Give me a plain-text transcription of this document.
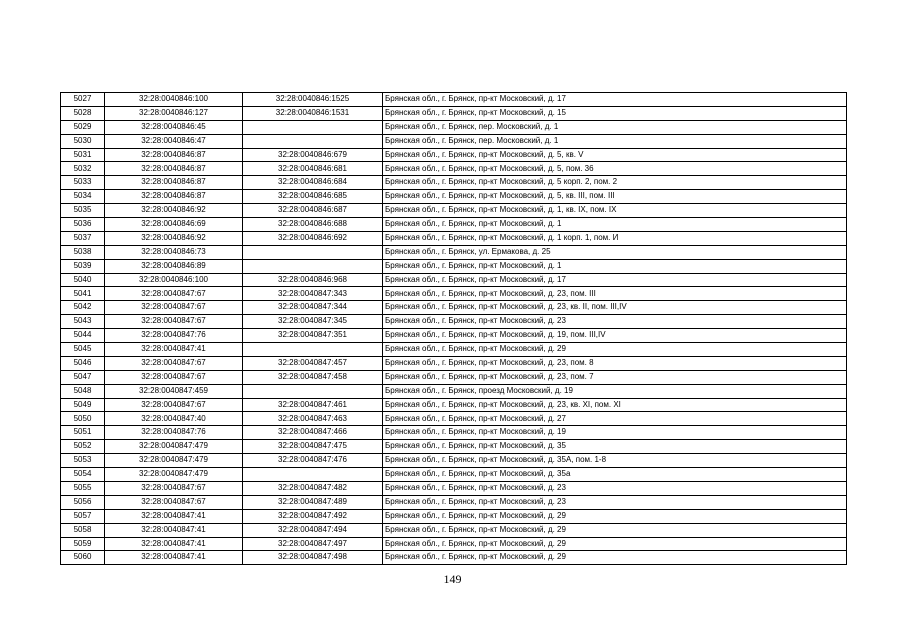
5027	32:28:0040846:100	32:28:0040846:1525	Брянская обл., г. Брянск, пр-кт Московский, д. 17
5028	32:28:0040846:127	32:28:0040846:1531	Брянская обл., г. Брянск, пр-кт Московский, д. 15
5029	32:28:0040846:45		Брянская обл., г. Брянск, пер. Московский, д. 1
5030	32:28:0040846:47		Брянская обл., г. Брянск, пер. Московский, д. 1
5031	32:28:0040846:87	32:28:0040846:679	Брянская обл., г. Брянск, пр-кт Московский, д. 5, кв. V
5032	32:28:0040846:87	32:28:0040846:681	Брянская обл., г. Брянск, пр-кт Московский, д. 5, пом. 36
5033	32:28:0040846:87	32:28:0040846:684	Брянская обл., г. Брянск, пр-кт Московский, д. 5 корп. 2, пом. 2
5034	32:28:0040846:87	32:28:0040846:685	Брянская обл., г. Брянск, пр-кт Московский, д. 5, кв. III, пом. III
5035	32:28:0040846:92	32:28:0040846:687	Брянская обл., г. Брянск, пр-кт Московский, д. 1, кв. IX, пом. IX
5036	32:28:0040846:69	32:28:0040846:688	Брянская обл., г. Брянск, пр-кт Московский, д. 1
5037	32:28:0040846:92	32:28:0040846:692	Брянская обл., г. Брянск, пр-кт Московский, д. 1 корп. 1, пом. И
5038	32:28:0040846:73		Брянская обл., г. Брянск, ул. Ермакова, д. 25
5039	32:28:0040846:89		Брянская обл., г. Брянск, пр-кт Московский, д. 1
5040	32:28:0040846:100	32:28:0040846:968	Брянская обл., г. Брянск, пр-кт Московский, д. 17
5041	32:28:0040847:67	32:28:0040847:343	Брянская обл., г. Брянск, пр-кт Московский, д. 23, пом. III
5042	32:28:0040847:67	32:28:0040847:344	Брянская обл., г. Брянск, пр-кт Московский, д. 23, кв. II, пом. III,IV
5043	32:28:0040847:67	32:28:0040847:345	Брянская обл., г. Брянск, пр-кт Московский, д. 23
5044	32:28:0040847:76	32:28:0040847:351	Брянская обл., г. Брянск, пр-кт Московский, д. 19, пом. III,IV
5045	32:28:0040847:41		Брянская обл., г. Брянск, пр-кт Московский, д. 29
5046	32:28:0040847:67	32:28:0040847:457	Брянская обл., г. Брянск, пр-кт Московский, д. 23, пом. 8
5047	32:28:0040847:67	32:28:0040847:458	Брянская обл., г. Брянск, пр-кт Московский, д. 23, пом. 7
5048	32:28:0040847:459		Брянская обл., г. Брянск, проезд Московский, д. 19
5049	32:28:0040847:67	32:28:0040847:461	Брянская обл., г. Брянск, пр-кт Московский, д. 23, кв. XI, пом. XI
5050	32:28:0040847:40	32:28:0040847:463	Брянская обл., г. Брянск, пр-кт Московский, д. 27
5051	32:28:0040847:76	32:28:0040847:466	Брянская обл., г. Брянск, пр-кт Московский, д. 19
5052	32:28:0040847:479	32:28:0040847:475	Брянская обл., г. Брянск, пр-кт Московский, д. 35
5053	32:28:0040847:479	32:28:0040847:476	Брянская обл., г. Брянск, пр-кт Московский, д. 35А, пом. 1-8
5054	32:28:0040847:479		Брянская обл., г. Брянск, пр-кт Московский, д. 35а
5055	32:28:0040847:67	32:28:0040847:482	Брянская обл., г. Брянск, пр-кт Московский, д. 23
5056	32:28:0040847:67	32:28:0040847:489	Брянская обл., г. Брянск, пр-кт Московский, д. 23
5057	32:28:0040847:41	32:28:0040847:492	Брянская обл., г. Брянск, пр-кт Московский, д. 29
5058	32:28:0040847:41	32:28:0040847:494	Брянская обл., г. Брянск, пр-кт Московский, д. 29
5059	32:28:0040847:41	32:28:0040847:497	Брянская обл., г. Брянск, пр-кт Московский, д. 29
5060	32:28:0040847:41	32:28:0040847:498	Брянская обл., г. Брянск, пр-кт Московский, д. 29
149
